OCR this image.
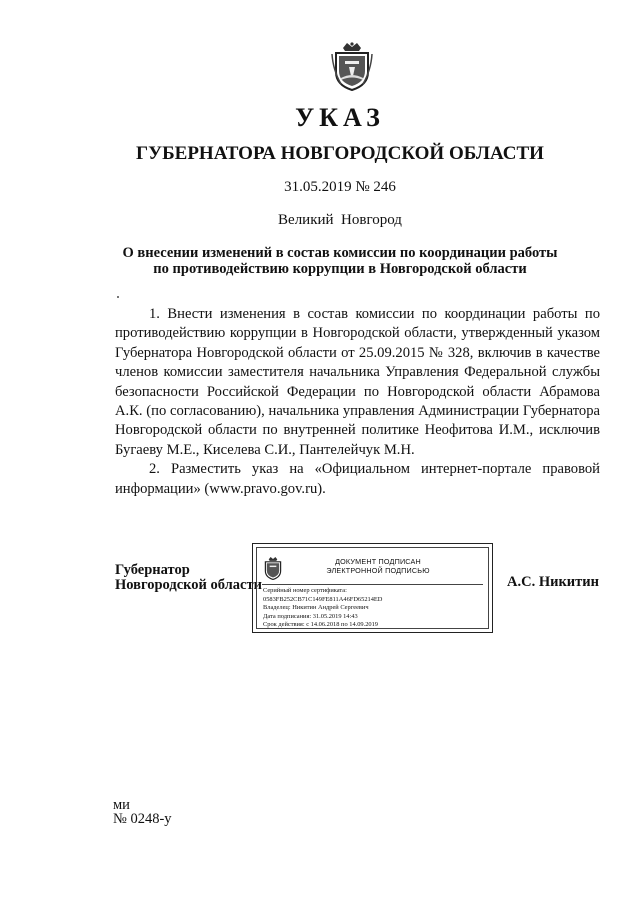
УКАЗ
ГУБЕРНАТОРА НОВГОРОДСКОЙ ОБЛАСТИ
31.05.2019 № 246
Великий  Новгород
О внесении изменений в состав комиссии по координации работы
по противодействию коррупции в Новгородской области

1. Внести изменения в состав комиссии по координации работы по противодействию коррупции в Новгородской области, утвержденный указом Губернатора Новгородской области от 25.09.2015 № 328, включив в качестве членов комиссии заместителя начальника Управления Федеральной службы безопасности Российской Федерации по Новгородской области Абрамова А.К. (по согласованию), начальника управления Администрации Губернатора Новгородской области по внутренней политике Неофитова И.М., исключив Бугаеву М.Е., Киселева С.И., Пантелейчук М.Н.

2. Разместить указ на «Официальном интернет-портале правовой информации» (www.pravo.gov.ru).

Губернатор
Новгородской области
ДОКУМЕНТ ПОДПИСАН
ЭЛЕКТРОННОЙ ПОДПИСЬЮ
Серийный номер сертификата:
0583FB252CB71C149FE811A46FD65214ED
Владелец: Никитин Андрей Сергеевич
Дата подписания: 31.05.2019 14:43
Срок действия: с 14.06.2018 по 14.09.2019
А.С. Никитин
ми
№ 0248-у
